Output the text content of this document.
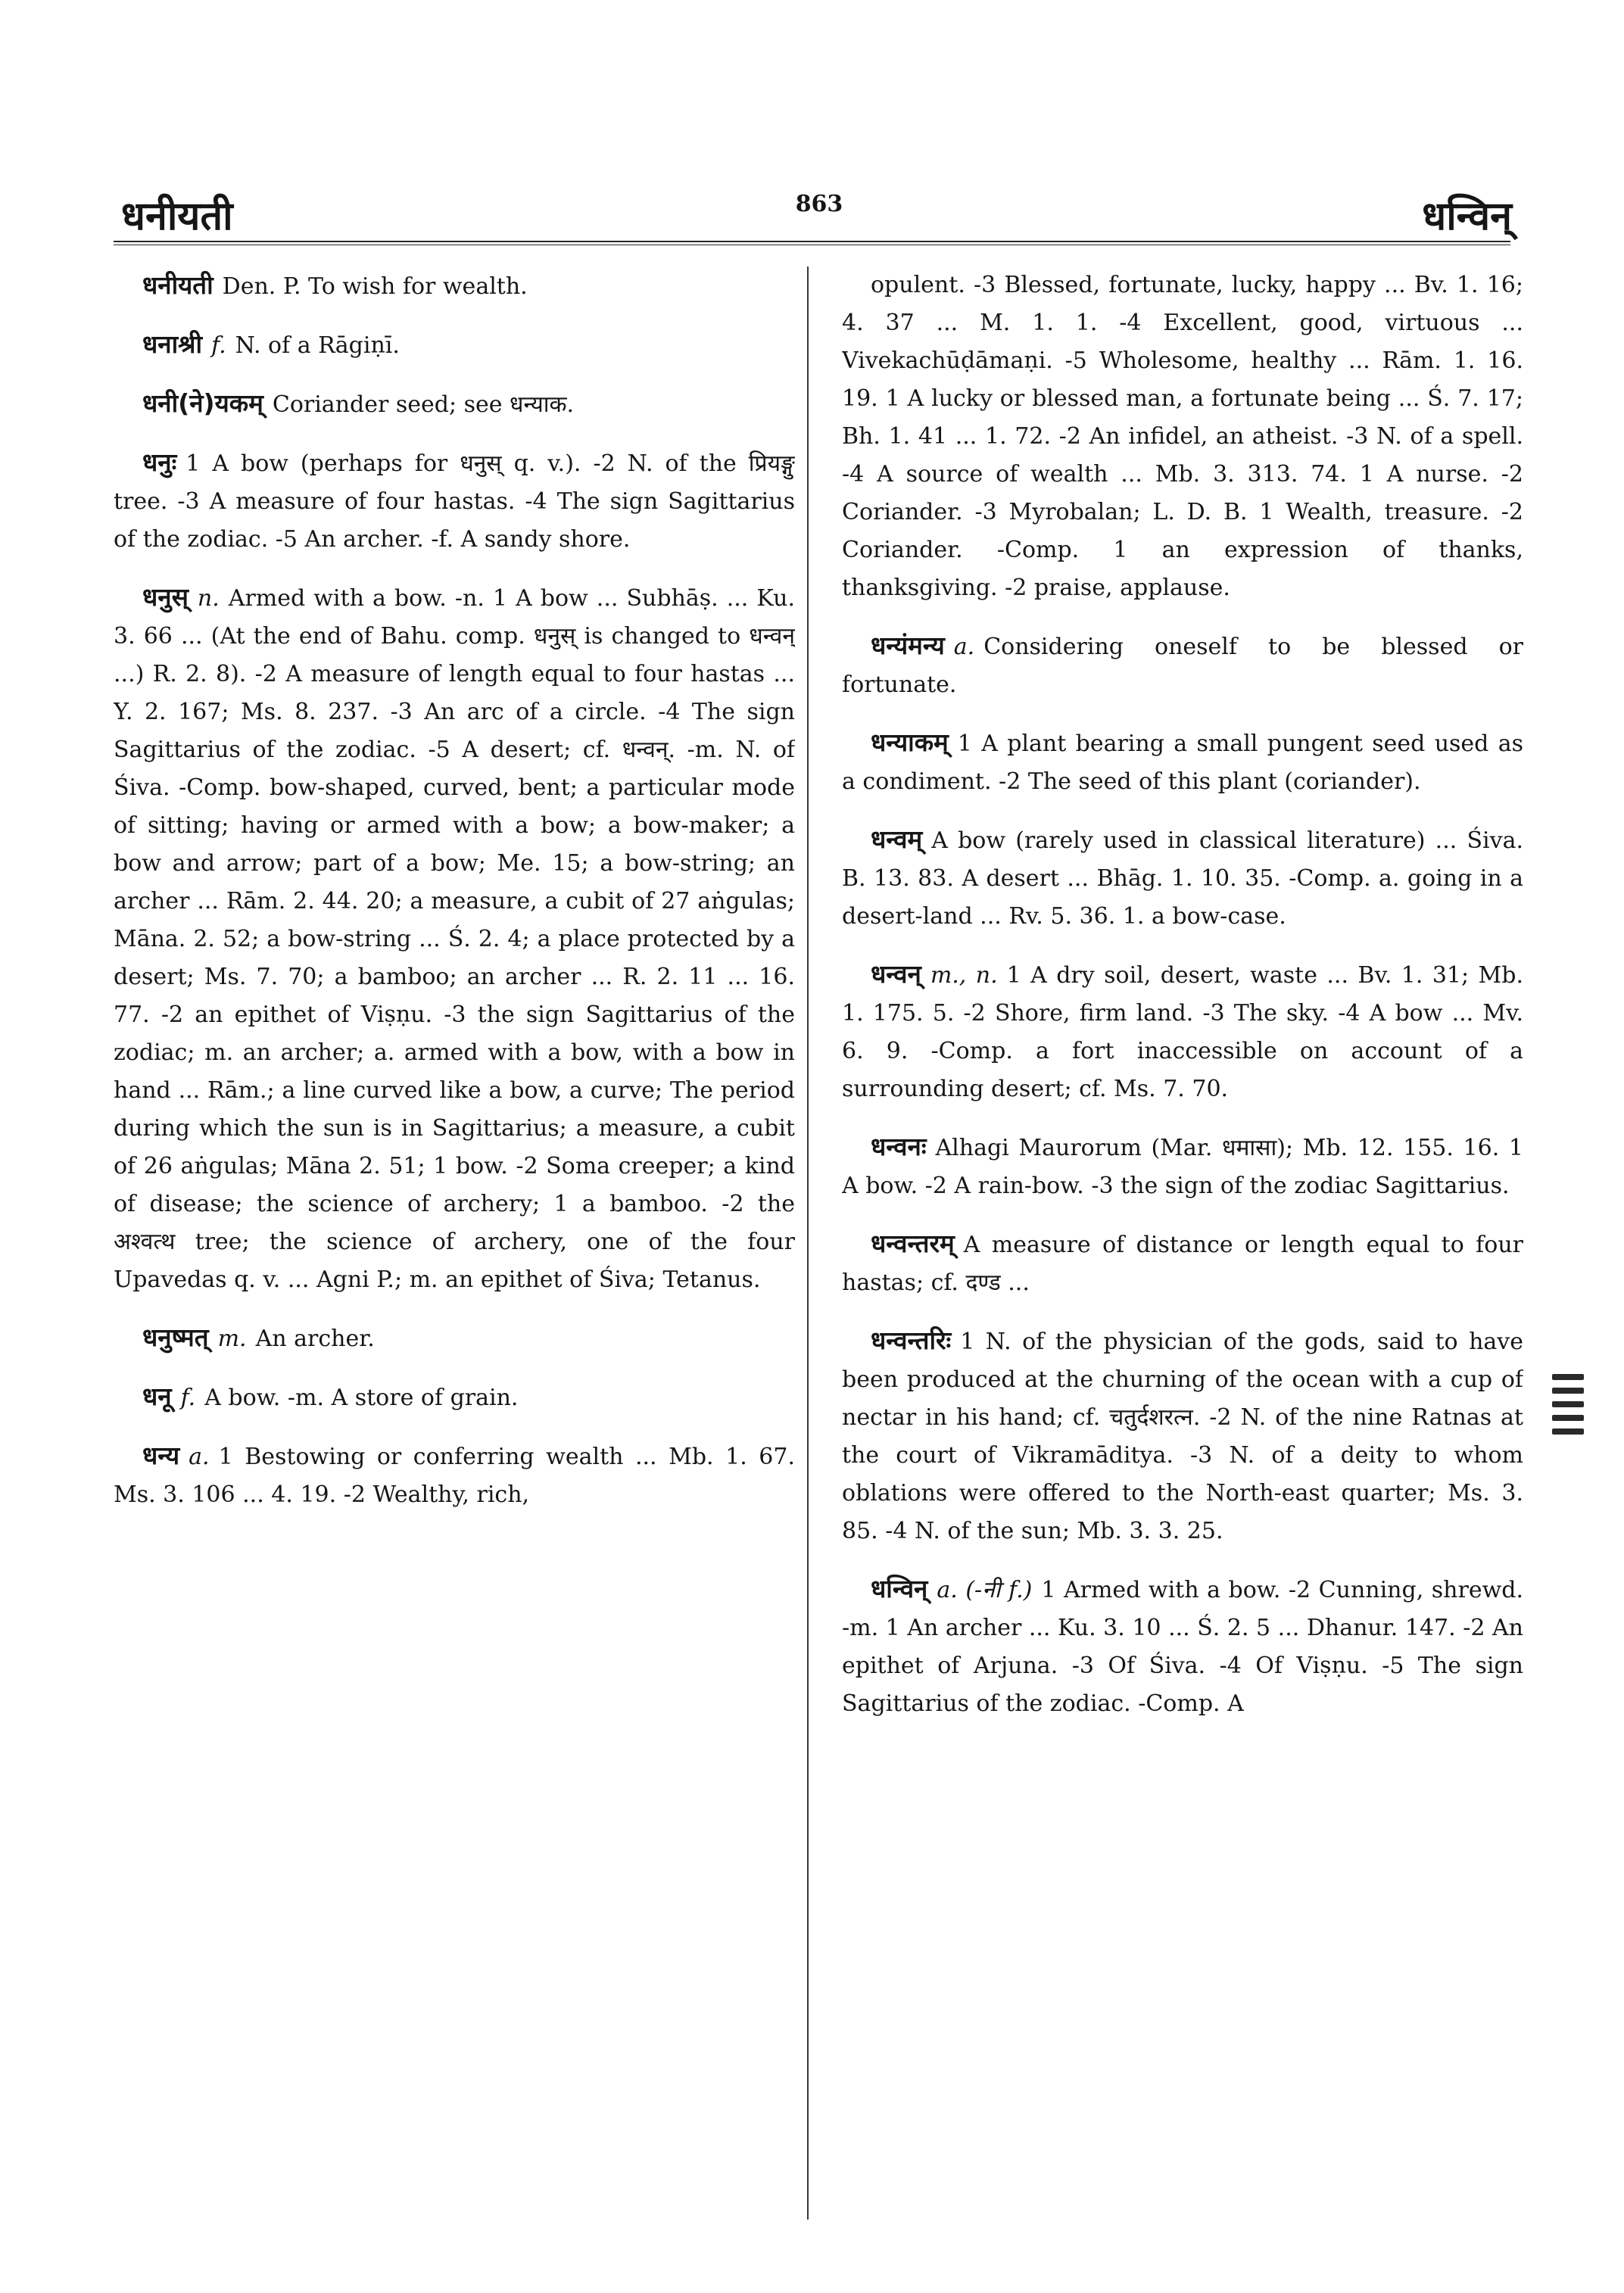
धनीयती	863	धन्विन्

धनीयती Den. P. To wish for wealth.

धनाश्री f. N. of a Rāgiṇī.

धनी(ने)यकम् Coriander seed; see धन्याक.

धनुः 1 A bow (perhaps for धनुस् q. v.). -2 N. of the प्रियङ्गु tree. -3 A measure of four hastas. -4 The sign Sagittarius of the zodiac. -5 An archer. -f. A sandy shore.

धनुस् n. Armed with a bow. -n. 1 A bow ... Subhāṣ. ... Ku. 3. 66 ... (At the end of Bahu. comp. धनुस् is changed to धन्वन् ...) R. 2. 8). -2 A measure of length equal to four hastas ... Y. 2. 167; Ms. 8. 237. -3 An arc of a circle. -4 The sign Sagittarius of the zodiac. -5 A desert; cf. धन्वन्. -m. N. of Śiva. -Comp. bow-shaped, curved, bent; a particular mode of sitting; having or armed with a bow; a bow-maker; a bow and arrow; part of a bow; Me. 15; a bow-string; an archer ... Rām. 2. 44. 20; a measure, a cubit of 27 aṅgulas; Māna. 2. 52; a bow-string ... Ś. 2. 4; a place protected by a desert; Ms. 7. 70; a bamboo; an archer ... R. 2. 11 ... 16. 77. -2 an epithet of Viṣṇu. -3 the sign Sagittarius of the zodiac; m. an archer; a. armed with a bow, with a bow in hand ... Rām.; a line curved like a bow, a curve; The period during which the sun is in Sagittarius; a measure, a cubit of 26 aṅgulas; Māna 2. 51; 1 bow. -2 Soma creeper; a kind of disease; the science of archery; 1 a bamboo. -2 the अश्वत्थ tree; the science of archery, one of the four Upavedas q. v. ... Agni P.; m. an epithet of Śiva; Tetanus.

धनुष्मत् m. An archer.

धनू f. A bow. -m. A store of grain.

धन्य a. 1 Bestowing or conferring wealth ... Mb. 1. 67. Ms. 3. 106 ... 4. 19. -2 Wealthy, rich,

opulent. -3 Blessed, fortunate, lucky, happy ... Bv. 1. 16; 4. 37 ... M. 1. 1. -4 Excellent, good, virtuous ... Vivekachūḍāmaṇi. -5 Wholesome, healthy ... Rām. 1. 16. 19. 1 A lucky or blessed man, a fortunate being ... Ś. 7. 17; Bh. 1. 41 ... 1. 72. -2 An infidel, an atheist. -3 N. of a spell. -4 A source of wealth ... Mb. 3. 313. 74. 1 A nurse. -2 Coriander. -3 Myrobalan; L. D. B. 1 Wealth, treasure. -2 Coriander. -Comp. 1 an expression of thanks, thanksgiving. -2 praise, applause.

धन्यंमन्य a. Considering oneself to be blessed or fortunate.

धन्याकम् 1 A plant bearing a small pungent seed used as a condiment. -2 The seed of this plant (coriander).

धन्वम् A bow (rarely used in classical literature) ... Śiva. B. 13. 83. A desert ... Bhāg. 1. 10. 35. -Comp. a. going in a desert-land ... Rv. 5. 36. 1. a bow-case.

धन्वन् m., n. 1 A dry soil, desert, waste ... Bv. 1. 31; Mb. 1. 175. 5. -2 Shore, firm land. -3 The sky. -4 A bow ... Mv. 6. 9. -Comp. a fort inaccessible on account of a surrounding desert; cf. Ms. 7. 70.

धन्वनः Alhagi Maurorum (Mar. धमासा); Mb. 12. 155. 16. 1 A bow. -2 A rain-bow. -3 the sign of the zodiac Sagittarius.

धन्वन्तरम् A measure of distance or length equal to four hastas; cf. दण्ड ...

धन्वन्तरिः 1 N. of the physician of the gods, said to have been produced at the churning of the ocean with a cup of nectar in his hand; cf. चतुर्दशरत्न. -2 N. of the nine Ratnas at the court of Vikramāditya. -3 N. of a deity to whom oblations were offered to the North-east quarter; Ms. 3. 85. -4 N. of the sun; Mb. 3. 3. 25.

धन्विन् a. (-नी f.) 1 Armed with a bow. -2 Cunning, shrewd. -m. 1 An archer ... Ku. 3. 10 ... Ś. 2. 5 ... Dhanur. 147. -2 An epithet of Arjuna. -3 Of Śiva. -4 Of Viṣṇu. -5 The sign Sagittarius of the zodiac. -Comp. A
